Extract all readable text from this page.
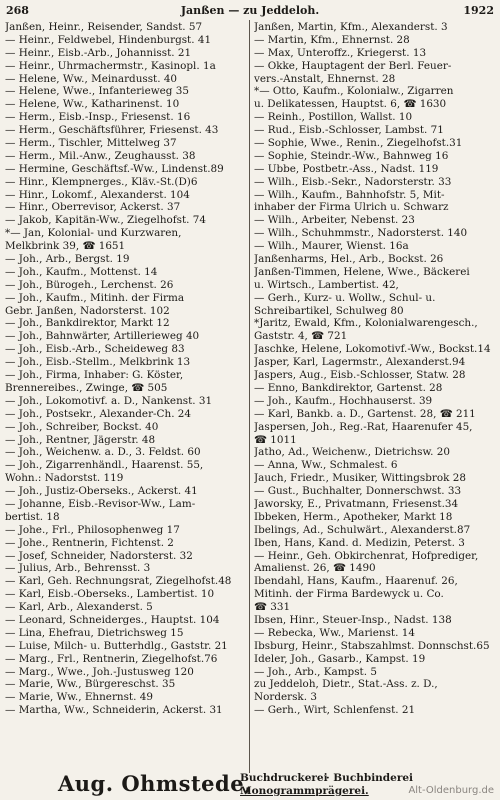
268	Janßen — zu Jeddeloh.	1922
Janßen, Heinr., Reisender, Sandst. 57
— Heinr., Feldwebel, Hindenburgst. 41
— Heinr., Eisb.-Arb., Johannisst. 21
— Heinr., Uhrmachermstr., Kasinopl. 1a
— Helene, Ww., Meinardusst. 40
— Helene, Wwe., Infanterieweg 35
— Helene, Ww., Katharinenst. 10
— Herm., Eisb.-Insp., Friesenst. 16
— Herm., Geschäftsführer, Friesenst. 43
— Herm., Tischler, Mittelweg 37
— Herm., Mil.-Anw., Zeughausst. 38
— Hermine, Geschäftsf.-Ww., Lindenst.89
— Hinr., Klempnerges., Kläv.-St.(D)6
— Hinr., Lokomf., Alexanderst. 104
— Hinr., Oberrevisor, Ackerst. 37
— Jakob, Kapitän-Ww., Ziegelhofst. 74
*— Jan, Kolonial- und Kurzwaren,
Melkbrink 39, ☎ 1651
— Joh., Arb., Bergst. 19
— Joh., Kaufm., Mottenst. 14
— Joh., Bürogeh., Lerchenst. 26
— Joh., Kaufm., Mitinh. der Firma
Gebr. Janßen, Nadorsterst. 102
— Joh., Bankdirektor, Markt 12
— Joh., Bahnwärter, Artillerieweg 40
— Joh., Eisb.-Arb., Scheideweg 83
— Joh., Eisb.-Stellm., Melkbrink 13
— Joh., Firma, Inhaber: G. Köster,
Brennereibes., Zwinge, ☎ 505
— Joh., Lokomotivf. a. D., Nankenst. 31
— Joh., Postsekr., Alexander-Ch. 24
— Joh., Schreiber, Bockst. 40
— Joh., Rentner, Jägerstr. 48
— Joh., Weichenw. a. D., 3. Feldst. 60
— Joh., Zigarrenhändl., Haarenst. 55,
Wohn.: Nadorstst. 119
— Joh., Justiz-Oberseks., Ackerst. 41
— Johanne, Eisb.-Revisor-Ww., Lam-
bertist. 18
— Johe., Frl., Philosophenweg 17
— Johe., Rentnerin, Fichtenst. 2
— Josef, Schneider, Nadorsterst. 32
— Julius, Arb., Behrensst. 3
— Karl, Geh. Rechnungsrat, Ziegelhofst.48
— Karl, Eisb.-Oberseks., Lambertist. 10
— Karl, Arb., Alexanderst. 5
— Leonard, Schneiderges., Hauptst. 104
— Lina, Ehefrau, Dietrichsweg 15
— Luise, Milch- u. Butterhdlg., Gaststr. 21
— Marg., Frl., Rentnerin, Ziegelhofst.76
— Marg., Wwe., Joh.-Justusweg 120
— Marie, Ww., Bürgereschst. 35
— Marie, Ww., Ehnernst. 49
— Martha, Ww., Schneiderin, Ackerst. 31
Janßen, Martin, Kfm., Alexanderst. 3
— Martin, Kfm., Ehnernst. 28
— Max, Unteroffz., Kriegerst. 13
— Okke, Hauptagent der Berl. Feuer-
vers.-Anstalt, Ehnernst. 28
*— Otto, Kaufm., Kolonialw., Zigarren
u. Delikatessen, Hauptst. 6, ☎ 1630
— Reinh., Postillon, Wallst. 10
— Rud., Eisb.-Schlosser, Lambst. 71
— Sophie, Wwe., Renin., Ziegelhofst.31
— Sophie, Steindr.-Ww., Bahnweg 16
— Ubbe, Postbetr.-Ass., Nadst. 119
— Wilh., Eisb.-Sekr., Nadorsterstr. 33
— Wilh., Kaufm., Bahnhofstr. 5, Mit-
inhaber der Firma Ulrich u. Schwarz
— Wilh., Arbeiter, Nebenst. 23
— Wilh., Schuhmmstr., Nadorsterst. 140
— Wilh., Maurer, Wienst. 16a
Janßenharms, Hel., Arb., Bockst. 26
Janßen-Timmen, Helene, Wwe., Bäckerei
u. Wirtsch., Lambertist. 42,
— Gerh., Kurz- u. Wollw., Schul- u.
Schreibartikel, Schulweg 80
*Jaritz, Ewald, Kfm., Kolonialwarengesch.,
Gaststr. 4, ☎ 721
Jaschke, Helene, Lokomotivf.-Ww., Bockst.14
Jasper, Karl, Lagermstr., Alexanderst.94
Jaspers, Aug., Eisb.-Schlosser, Statw. 28
— Enno, Bankdirektor, Gartenst. 28
— Joh., Kaufm., Hochhauserst. 39
— Karl, Bankb. a. D., Gartenst. 28, ☎ 211
Jaspersen, Joh., Reg.-Rat, Haarenufer 45,
☎ 1011
Jatho, Ad., Weichenw., Dietrichsw. 20
— Anna, Ww., Schmalest. 6
Jauch, Friedr., Musiker, Wittingsbrok 28
— Gust., Buchhalter, Donnerschwst. 33
Jaworsky, E., Privatmann, Friesenst.34
Ibbeken, Herm., Apotheker, Markt 18
Ibelings, Ad., Schulwärt., Alexanderst.87
Iben, Hans, Kand. d. Medizin, Peterst. 3
— Heinr., Geh. Obkirchenrat, Hofprediger,
Amalienst. 26, ☎ 1490
Ibendahl, Hans, Kaufm., Haarenuf. 26,
Mitinh. der Firma Bardewyck u. Co.
☎ 331
Ibsen, Hinr., Steuer-Insp., Nadst. 138
— Rebecka, Ww., Marienst. 14
Ibsburg, Heinr., Stabszahlmst. Donnschst.65
Ideler, Joh., Gasarb., Kampst. 19
— Joh., Arb., Kampst. 5
zu Jeddeloh, Dietr., Stat.-Ass. z. D.,
Nordersk. 3
— Gerh., Wirt, Schlenfenst. 21
Aug. Ohmstede,
Buchdruckerei
· Buchbinderei
Monogrammprägerei.	Alt-Oldenburg.de
